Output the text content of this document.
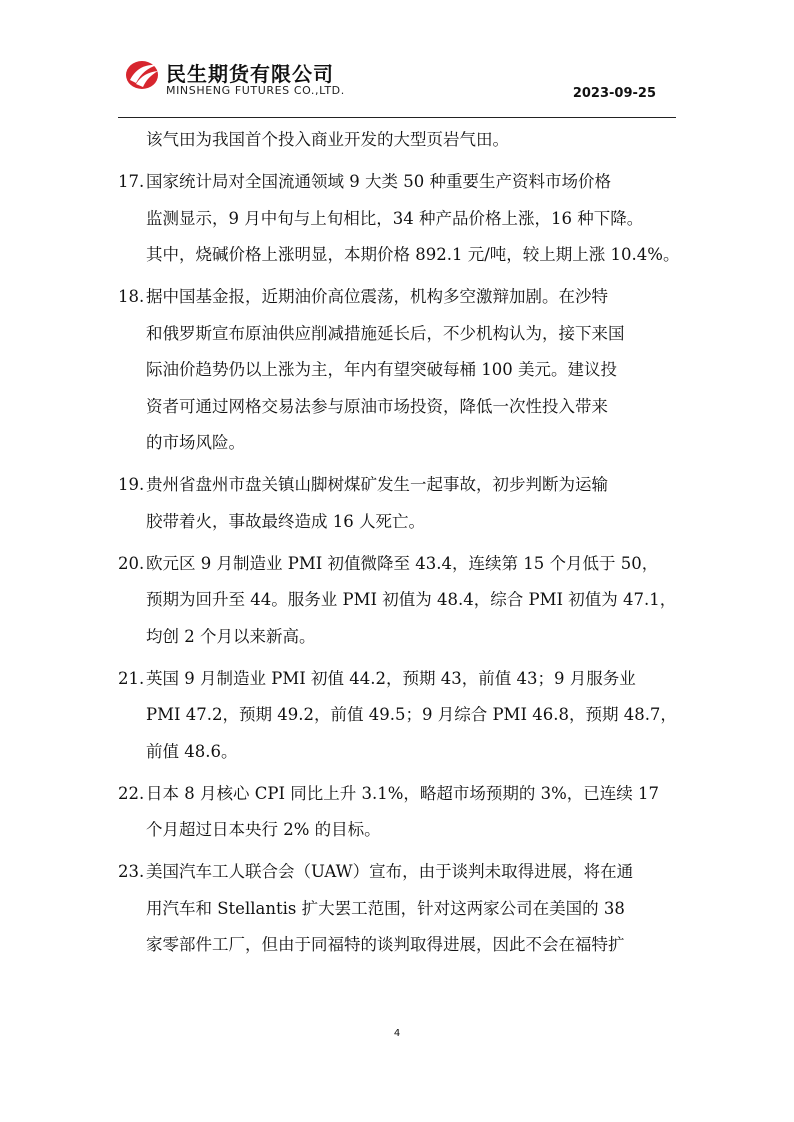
民生期货有限公司
MINSHENG FUTURES CO.,LTD.	2023-09-25

该气田为我国首个投入商业开发的大型页岩气田。

17. 国家统计局对全国流通领域 9 大类 50 种重要生产资料市场价格
监测显示，9 月中旬与上旬相比，34 种产品价格上涨，16 种下降。
其中，烧碱价格上涨明显，本期价格 892.1 元/吨，较上期上涨 10.4%。
18. 据中国基金报，近期油价高位震荡，机构多空激辩加剧。在沙特
和俄罗斯宣布原油供应削减措施延长后，不少机构认为，接下来国
际油价趋势仍以上涨为主，年内有望突破每桶 100 美元。建议投
资者可通过网格交易法参与原油市场投资，降低一次性投入带来
的市场风险。
19. 贵州省盘州市盘关镇山脚树煤矿发生一起事故，初步判断为运输
胶带着火，事故最终造成 16 人死亡。
20. 欧元区 9 月制造业 PMI 初值微降至 43.4，连续第 15 个月低于 50，
预期为回升至 44。服务业 PMI 初值为 48.4，综合 PMI 初值为 47.1，
均创 2 个月以来新高。
21. 英国 9 月制造业 PMI 初值 44.2，预期 43，前值 43；9 月服务业
PMI 47.2，预期 49.2，前值 49.5；9 月综合 PMI 46.8，预期 48.7，
前值 48.6。
22. 日本 8 月核心 CPI 同比上升 3.1%，略超市场预期的 3%，已连续 17
个月超过日本央行 2% 的目标。
23. 美国汽车工人联合会（UAW）宣布，由于谈判未取得进展，将在通
用汽车和 Stellantis 扩大罢工范围，针对这两家公司在美国的 38
家零部件工厂，但由于同福特的谈判取得进展，因此不会在福特扩
4
